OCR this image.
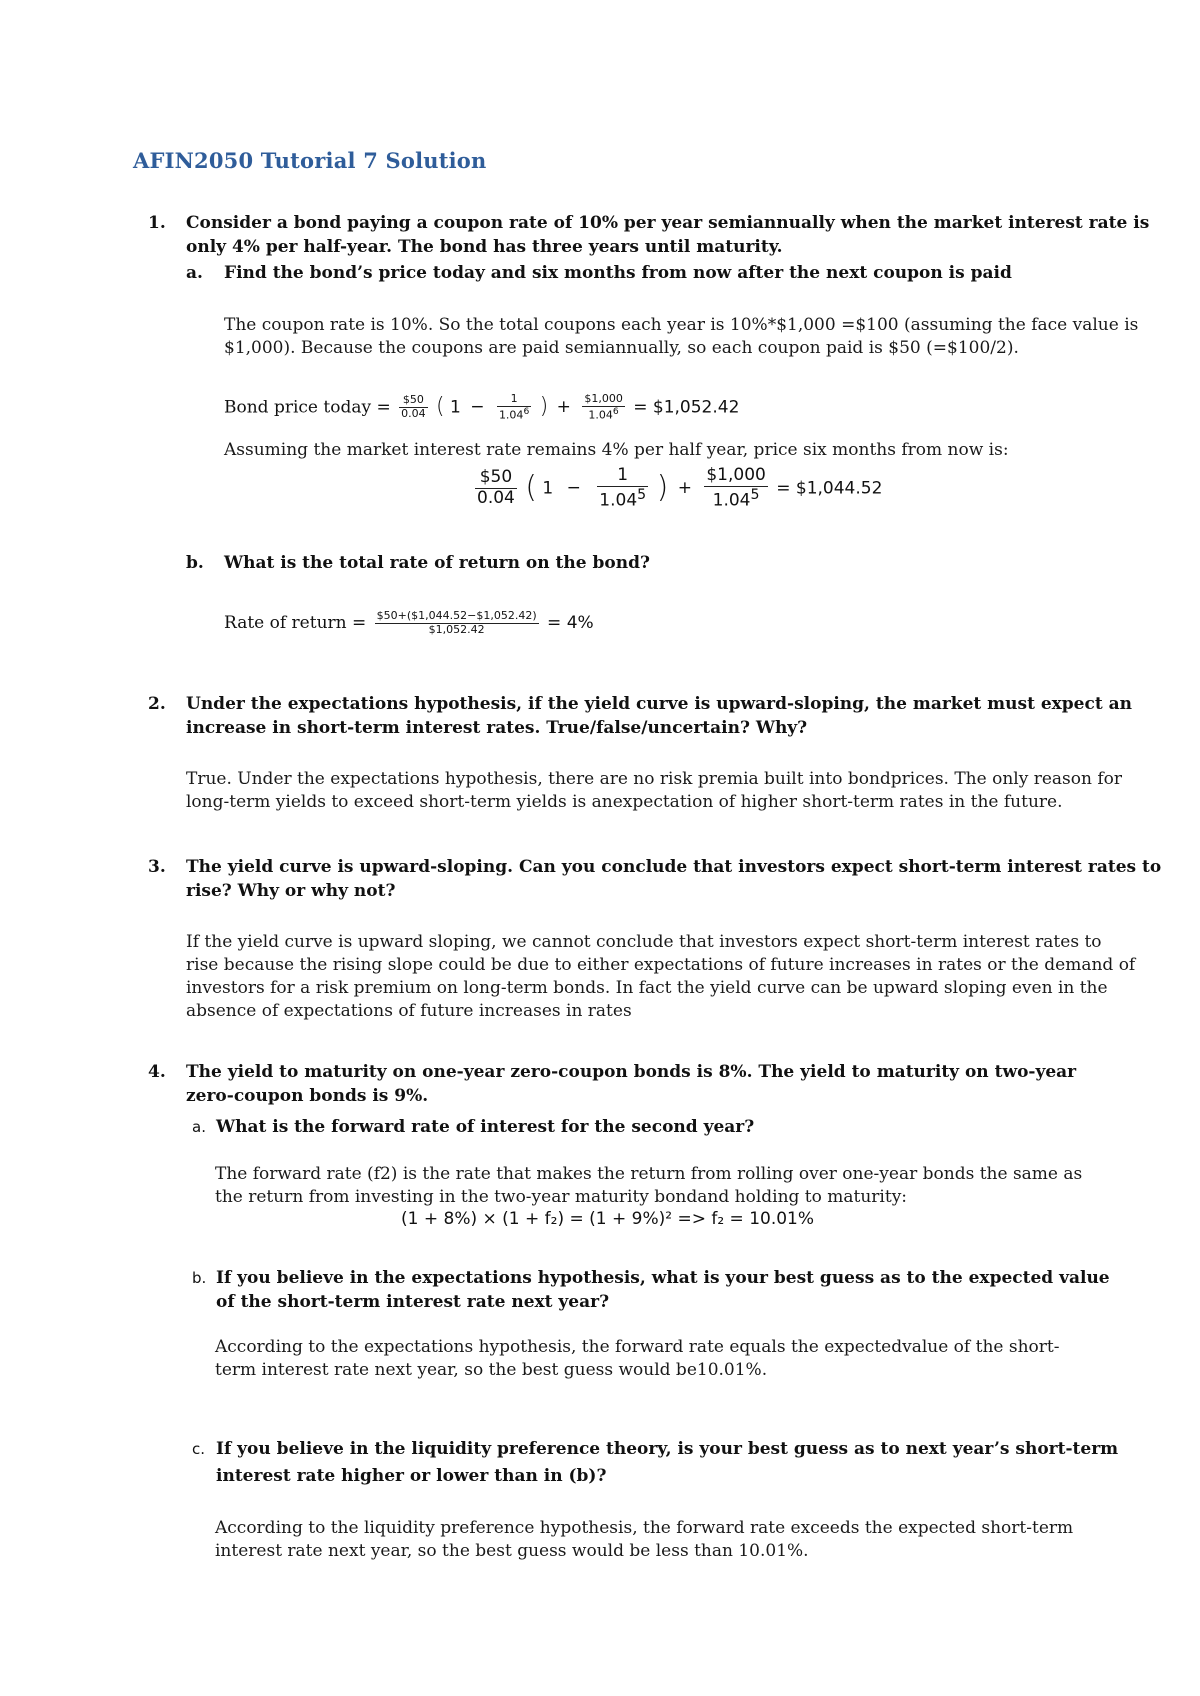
AFIN2050 Tutorial 7 Solution
1. Consider a bond paying a coupon rate of 10% per year semiannually when the market interest rate is
only 4% per half-year. The bond has three years until maturity.
a. Find the bond’s price today and six months from now after the next coupon is paid
The coupon rate is 10%. So the total coupons each year is 10%*$1,000 =$100 (assuming the face value is
$1,000). Because the coupons are paid semiannually, so each coupon paid is $50 (=$100/2).
Bond price today = $\frac{\$50}{0.04}$ ( $1 - \frac{1}{1.04^6}$ ) + $\frac{\$1,000}{1.04^6}$ = $1,052.42
Assuming the market interest rate remains 4% per half year, price six months from now is:
$\frac{\$50}{0.04}$ ( $1 - \frac{1}{1.04^5}$ ) + $\frac{\$1,000}{1.04^5}$ = $1,044.52
b. What is the total rate of return on the bond?
Rate of return = $\frac{\$50+(\$1,044.52-\$1,052.42)}{\$1,052.42} = 4\%$
2. Under the expectations hypothesis, if the yield curve is upward-sloping, the market must expect an
increase in short-term interest rates. True/false/uncertain? Why?
True. Under the expectations hypothesis, there are no risk premia built into bondprices. The only reason for
long-term yields to exceed short-term yields is anexpectation of higher short-term rates in the future.
3. The yield curve is upward-sloping. Can you conclude that investors expect short-term interest rates to
rise? Why or why not?
If the yield curve is upward sloping, we cannot conclude that investors expect short-term interest rates to
rise because the rising slope could be due to either expectations of future increases in rates or the demand of
investors for a risk premium on long-term bonds. In fact the yield curve can be upward sloping even in the
absence of expectations of future increases in rates
4. The yield to maturity on one-year zero-coupon bonds is 8%. The yield to maturity on two-year
zero-coupon bonds is 9%.
a. What is the forward rate of interest for the second year?
The forward rate (f2) is the rate that makes the return from rolling over one-year bonds the same as
the return from investing in the two-year maturity bondand holding to maturity:
(1 + 8%) × (1 + f₂) = (1 + 9%)² => f₂ = 10.01%
b. If you believe in the expectations hypothesis, what is your best guess as to the expected value
of the short-term interest rate next year?
According to the expectations hypothesis, the forward rate equals the expectedvalue of the short-
term interest rate next year, so the best guess would be10.01%.
c. If you believe in the liquidity preference theory, is your best guess as to next year’s short-term
interest rate higher or lower than in (b)?
According to the liquidity preference hypothesis, the forward rate exceeds the expected short-term
interest rate next year, so the best guess would be less than 10.01%.
